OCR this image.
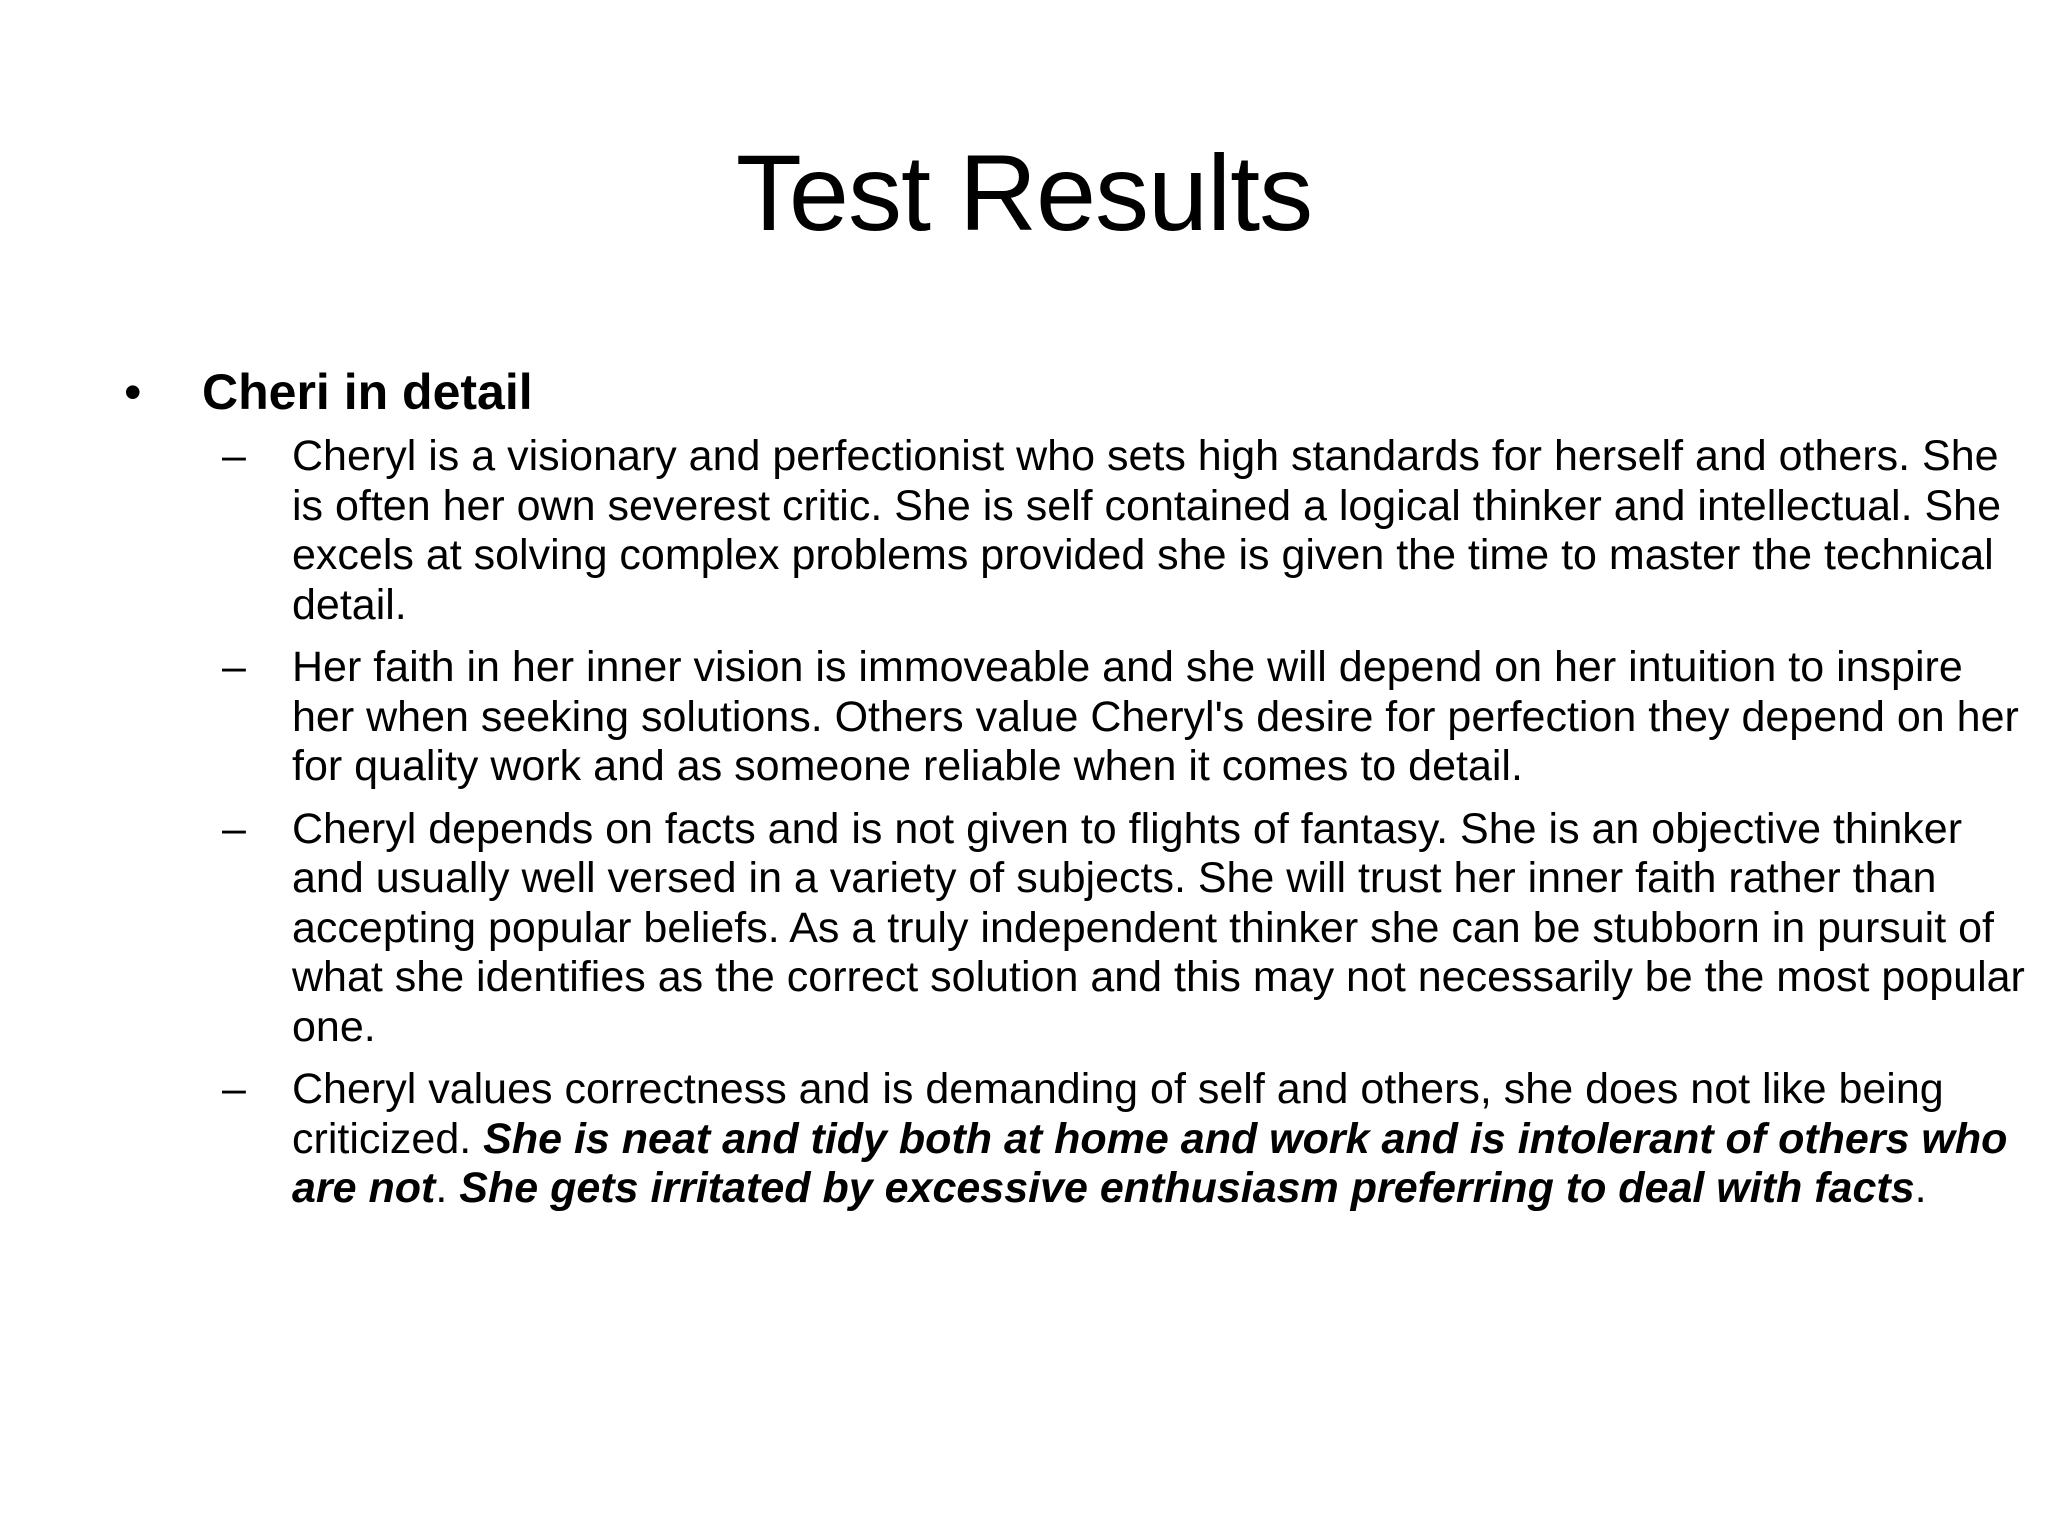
Test Results
• Cheri in detail
– Cheryl is a visionary and perfectionist who sets high standards for herself and others. She is often her own severest critic. She is self contained a logical thinker and intellectual. She excels at solving complex problems provided she is given the time to master the technical detail.
– Her faith in her inner vision is immoveable and she will depend on her intuition to inspire her when seeking solutions. Others value Cheryl's desire for perfection they depend on her for quality work and as someone reliable when it comes to detail.
– Cheryl depends on facts and is not given to flights of fantasy. She is an objective thinker and usually well versed in a variety of subjects. She will trust her inner faith rather than accepting popular beliefs. As a truly independent thinker she can be stubborn in pursuit of what she identifies as the correct solution and this may not necessarily be the most popular one.
– Cheryl values correctness and is demanding of self and others, she does not like being criticized. She is neat and tidy both at home and work and is intolerant of others who are not. She gets irritated by excessive enthusiasm preferring to deal with facts.
